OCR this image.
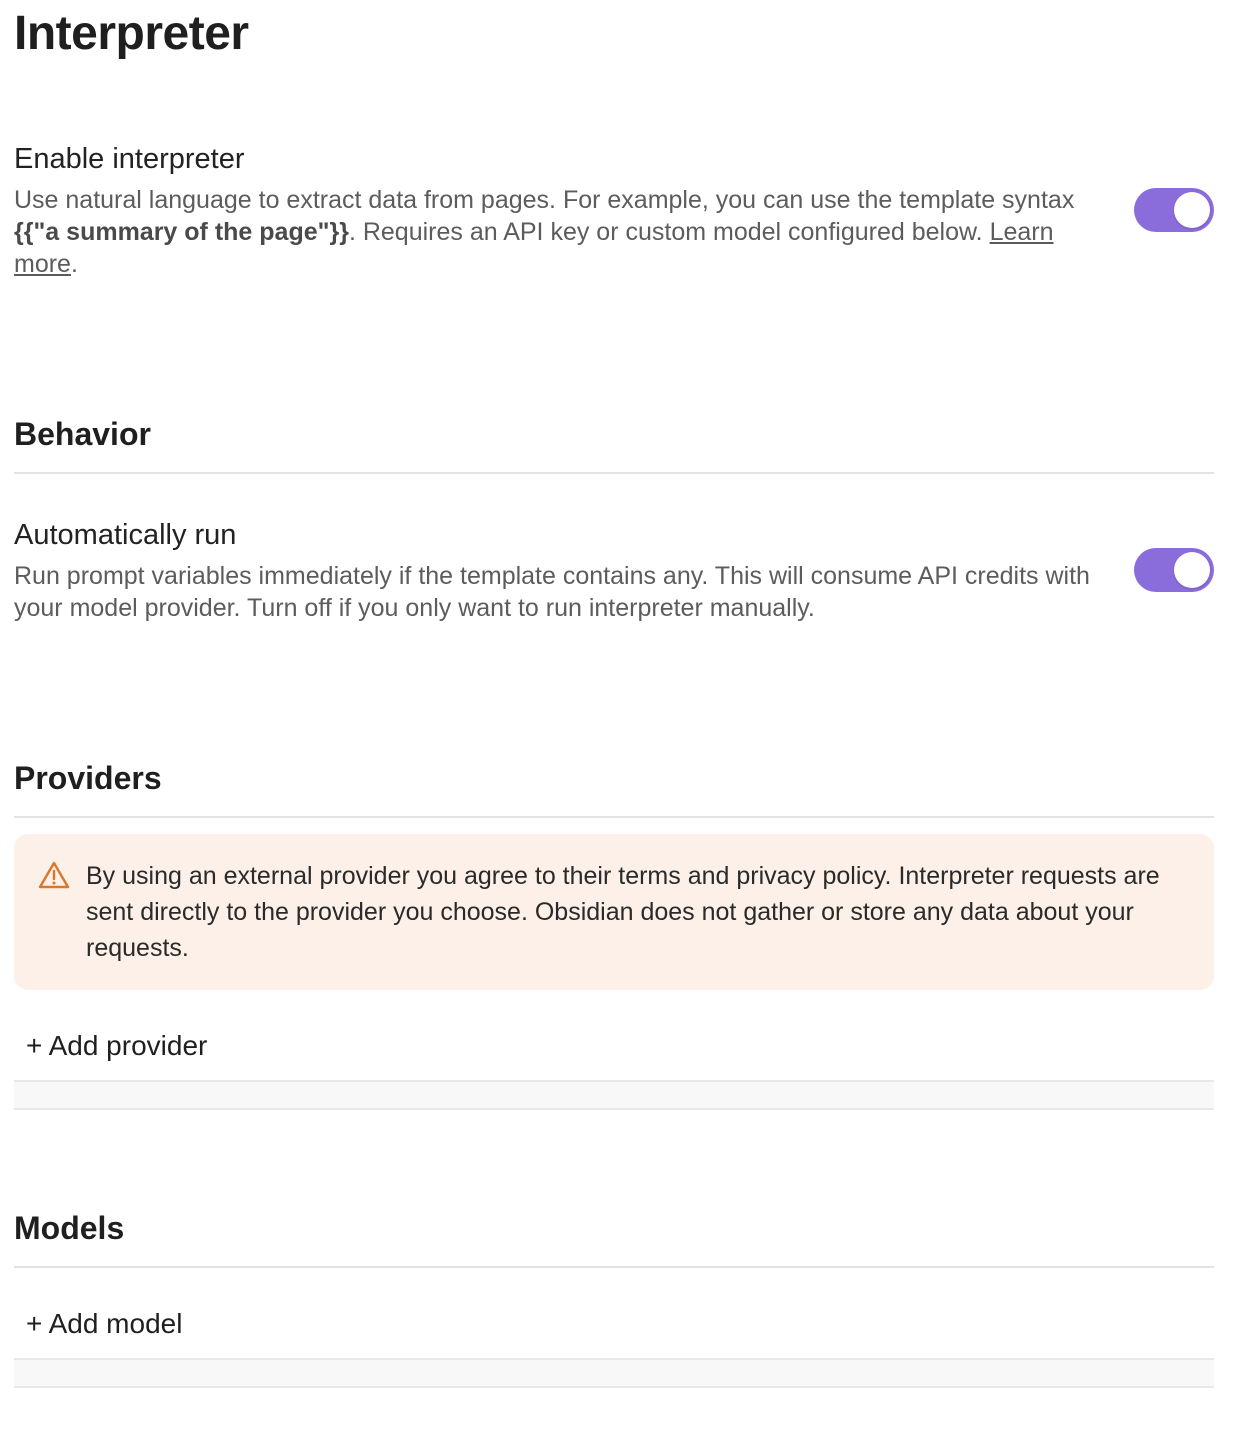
Interpreter
Enable interpreter
Use natural language to extract data from pages. For example, you can use the template syntax {{"a summary of the page"}}. Requires an API key or custom model configured below. Learn more.
Behavior
Automatically run
Run prompt variables immediately if the template contains any. This will consume API credits with your model provider. Turn off if you only want to run interpreter manually.
Providers
By using an external provider you agree to their terms and privacy policy. Interpreter requests are sent directly to the provider you choose. Obsidian does not gather or store any data about your requests.
+ Add provider
Models
+ Add model
